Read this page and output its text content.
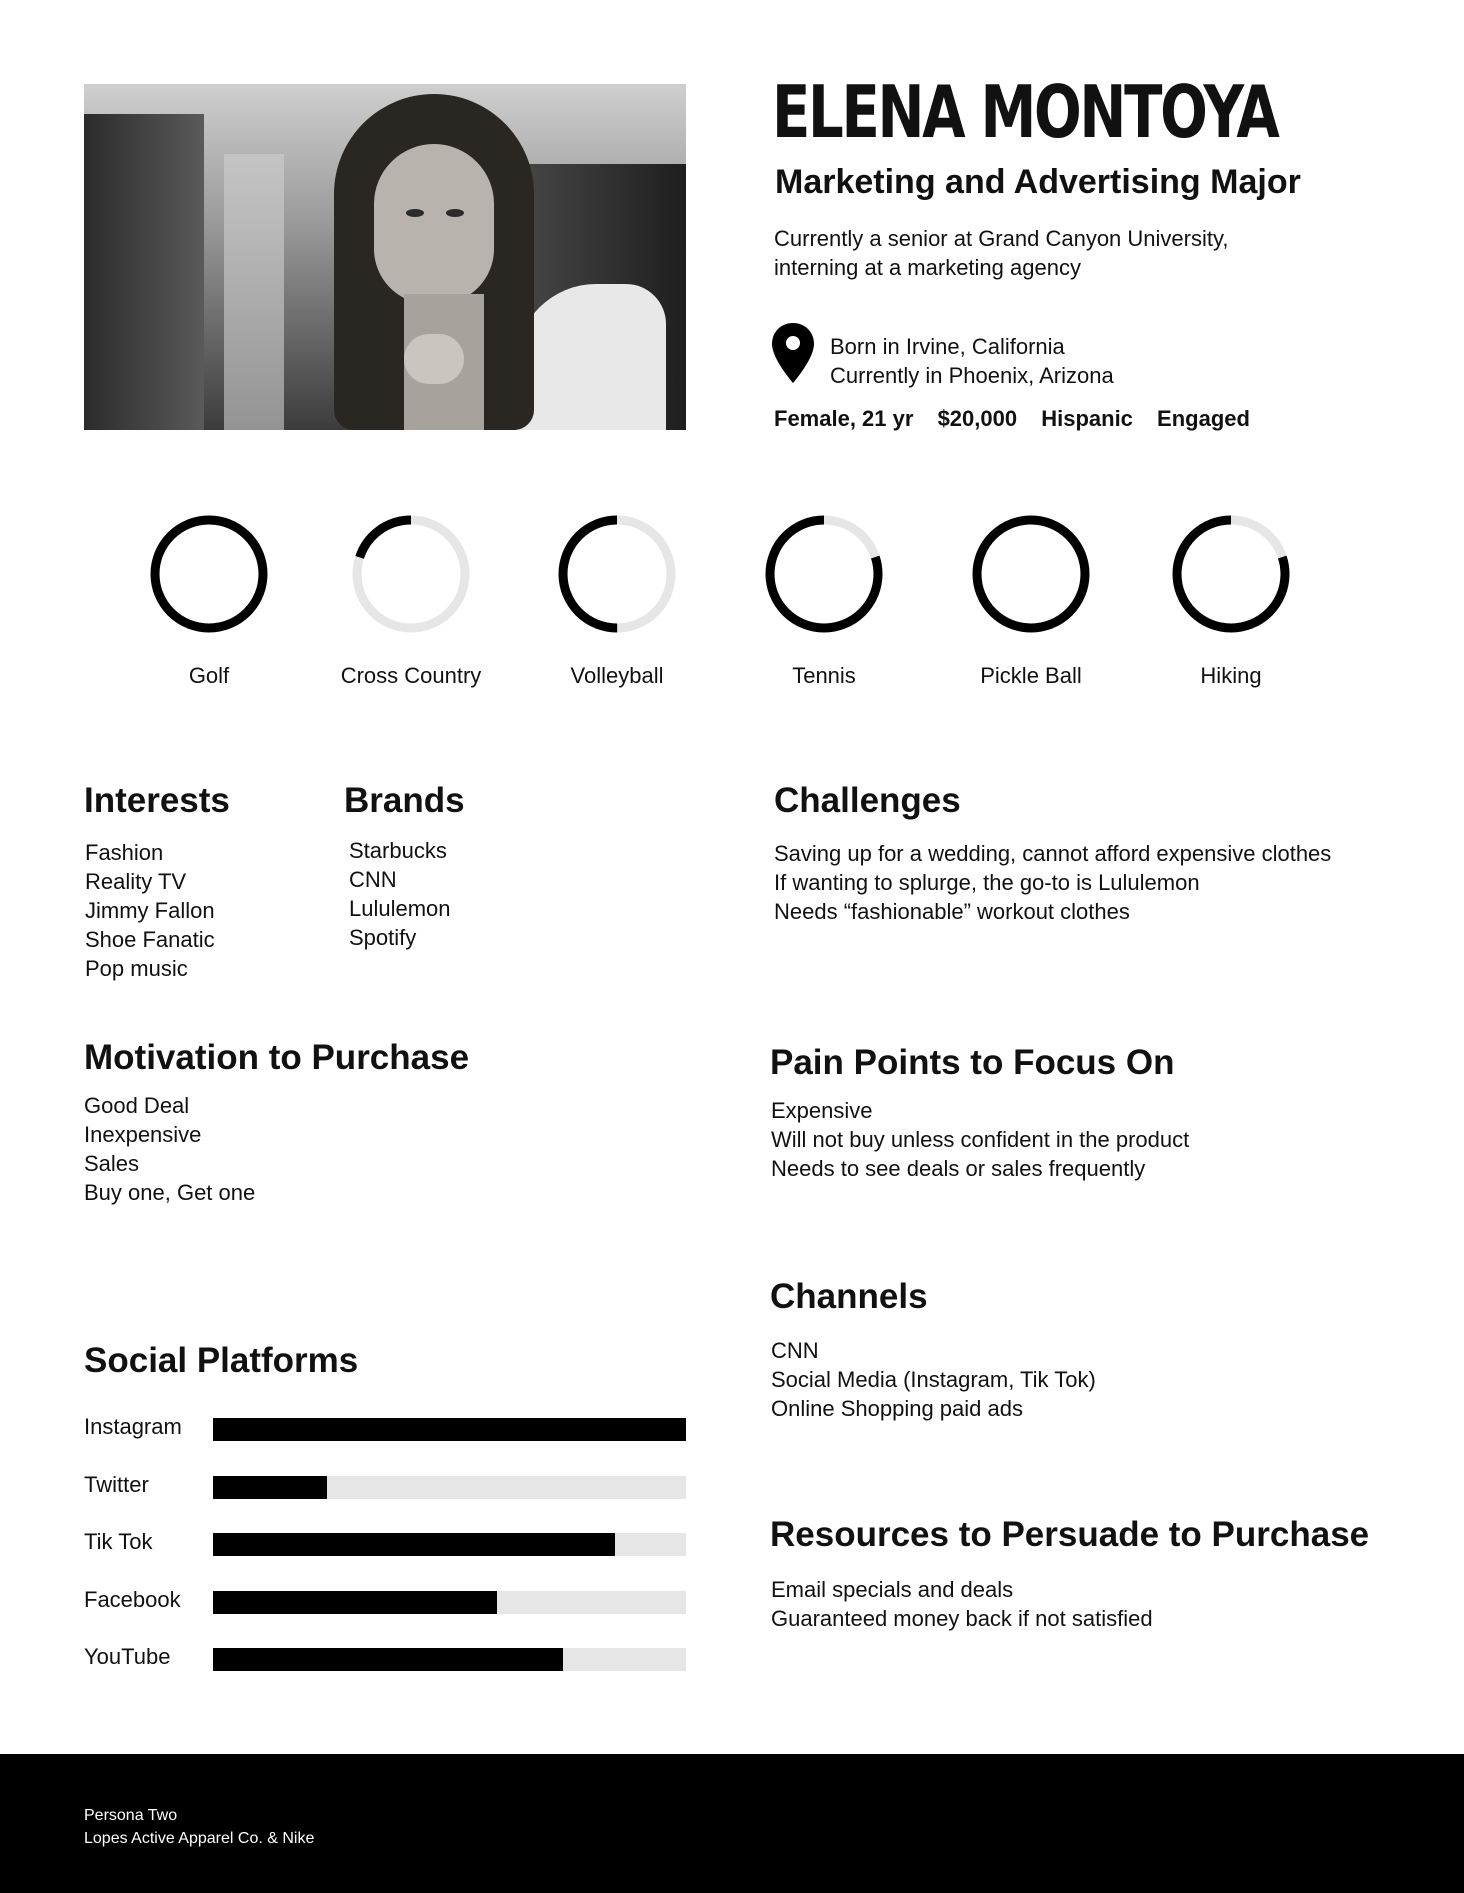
ELENA MONTOYA
Marketing and Advertising Major
Currently a senior at Grand Canyon University,
interning at a marketing agency
Born in Irvine, California
Currently in Phoenix, Arizona
Female, 21 yr $20,000 Hispanic Engaged
Golf	Cross Country	Volleyball	Tennis	Pickle Ball	Hiking
Interests
Fashion
Reality TV
Jimmy Fallon
Shoe Fanatic
Pop music
Brands
Starbucks
CNN
Lululemon
Spotify
Challenges
Saving up for a wedding, cannot afford expensive clothes
If wanting to splurge, the go-to is Lululemon
Needs “fashionable” workout clothes
Motivation to Purchase
Good Deal
Inexpensive
Sales
Buy one, Get one
Pain Points to Focus On
Expensive
Will not buy unless confident in the product
Needs to see deals or sales frequently
Channels
CNN
Social Media (Instagram, Tik Tok)
Online Shopping paid ads
Social Platforms
Instagram
Twitter
Tik Tok
Facebook
YouTube
Resources to Persuade to Purchase
Email specials and deals
Guaranteed money back if not satisfied
Persona Two
Lopes Active Apparel Co. & Nike
